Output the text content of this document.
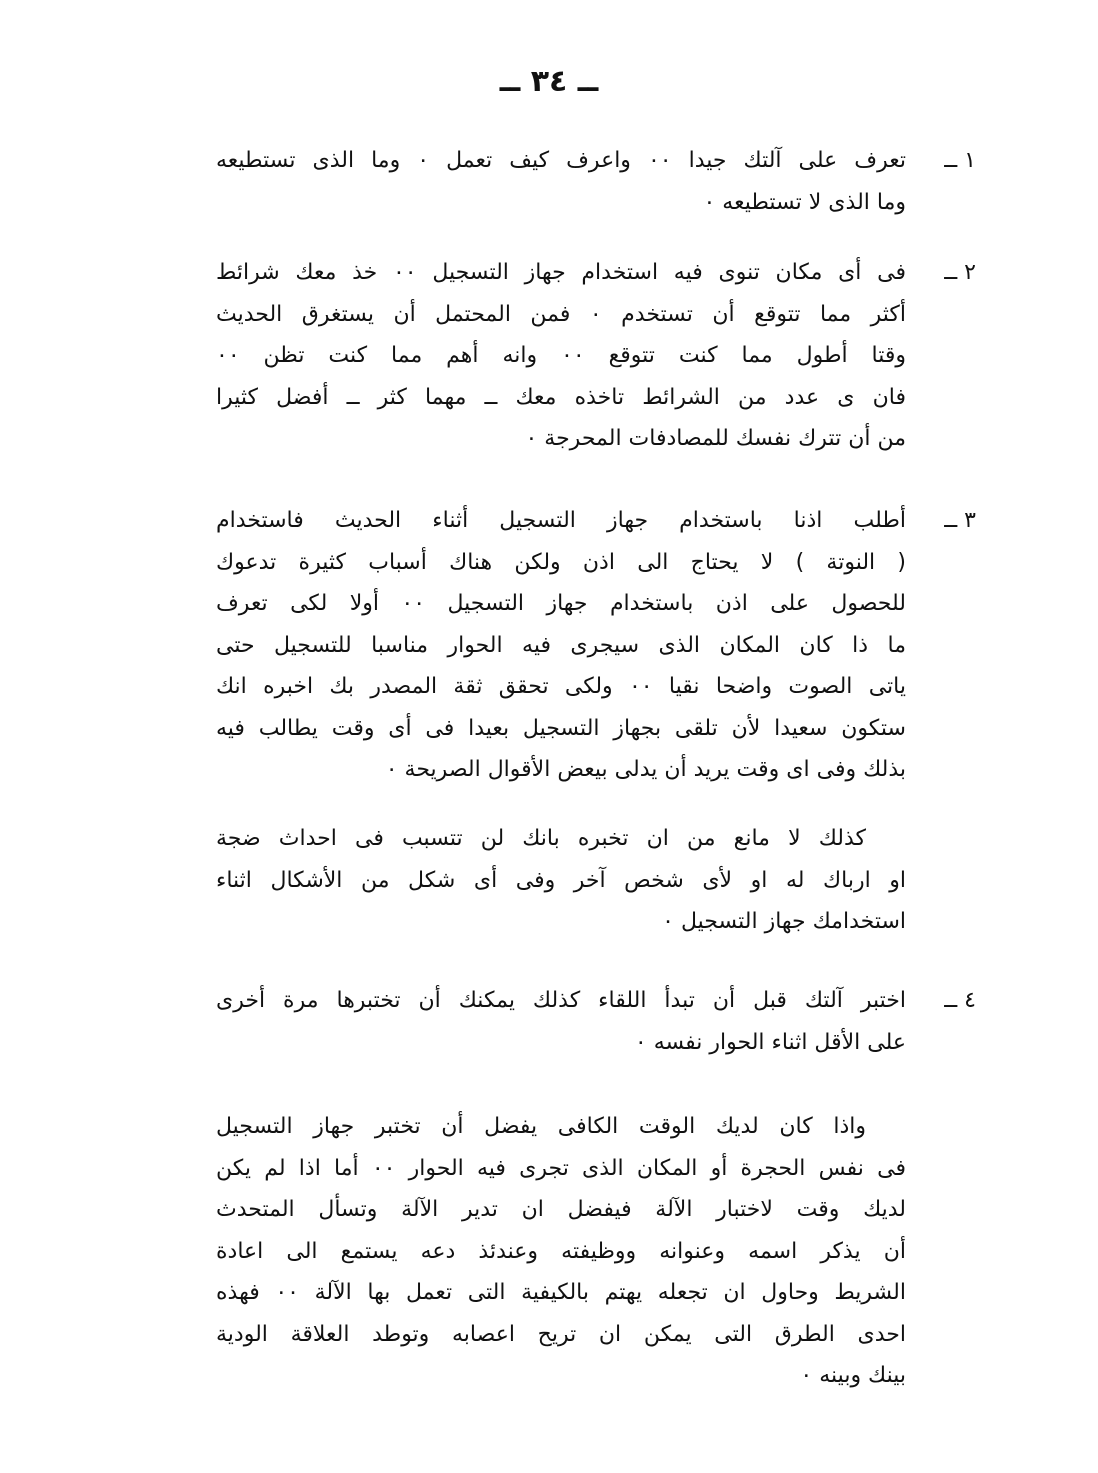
ــ ٣٤ ــ
١ ــ
تعرف على آلتك جيدا ٠٠ واعرف كيف تعمل ٠ وما الذى تستطيعه
وما الذى لا تستطيعه ٠
٢ ــ
فى أى مكان تنوى فيه استخدام جهاز التسجيل ٠٠ خذ معك شرائط
أكثر مما تتوقع أن تستخدم ٠ فمن المحتمل أن يستغرق الحديث
وقتا أطول مما كنت تتوقع ٠٠ وانه أهم مما كنت تظن ٠٠
فان ى عدد من الشرائط تاخذه معك ــ مهما كثر ــ أفضل كثيرا
من أن تترك نفسك للمصادفات المحرجة ٠
٣ ــ
أطلب اذنا باستخدام جهاز التسجيل أثناء الحديث فاستخدام
( النوتة ) لا يحتاج الى اذن ولكن هناك أسباب كثيرة تدعوك
للحصول على اذن باستخدام جهاز التسجيل ٠٠ أولا لكى تعرف
ما ذا كان المكان الذى سيجرى فيه الحوار مناسبا للتسجيل حتى
ياتى الصوت واضحا نقيا ٠٠ ولكى تحقق ثقة المصدر بك اخبره انك
ستكون سعيدا لأن تلقى بجهاز التسجيل بعيدا فى أى وقت يطالب فيه
بذلك وفى اى وقت يريد أن يدلى بيعض الأقوال الصريحة ٠
كذلك لا مانع من ان تخبره بانك لن تتسبب فى احداث ضجة
او ارباك له او لأى شخص آخر وفى أى شكل من الأشكال اثناء
استخدامك جهاز التسجيل ٠
٤ ــ
اختبر آلتك قبل أن تبدأ اللقاء كذلك يمكنك أن تختبرها مرة أخرى
على الأقل اثناء الحوار نفسه ٠
واذا كان لديك الوقت الكافى يفضل أن تختبر جهاز التسجيل
فى نفس الحجرة أو المكان الذى تجرى فيه الحوار ٠٠ أما اذا لم يكن
لديك وقت لاختبار الآلة فيفضل ان تدير الآلة وتسأل المتحدث
أن يذكر اسمه وعنوانه ووظيفته وعندئذ دعه يستمع الى اعادة
الشريط وحاول ان تجعله يهتم بالكيفية التى تعمل بها الآلة ٠٠ فهذه
احدى الطرق التى يمكن ان تريح اعصابه وتوطد العلاقة الودية
بينك وبينه ٠
